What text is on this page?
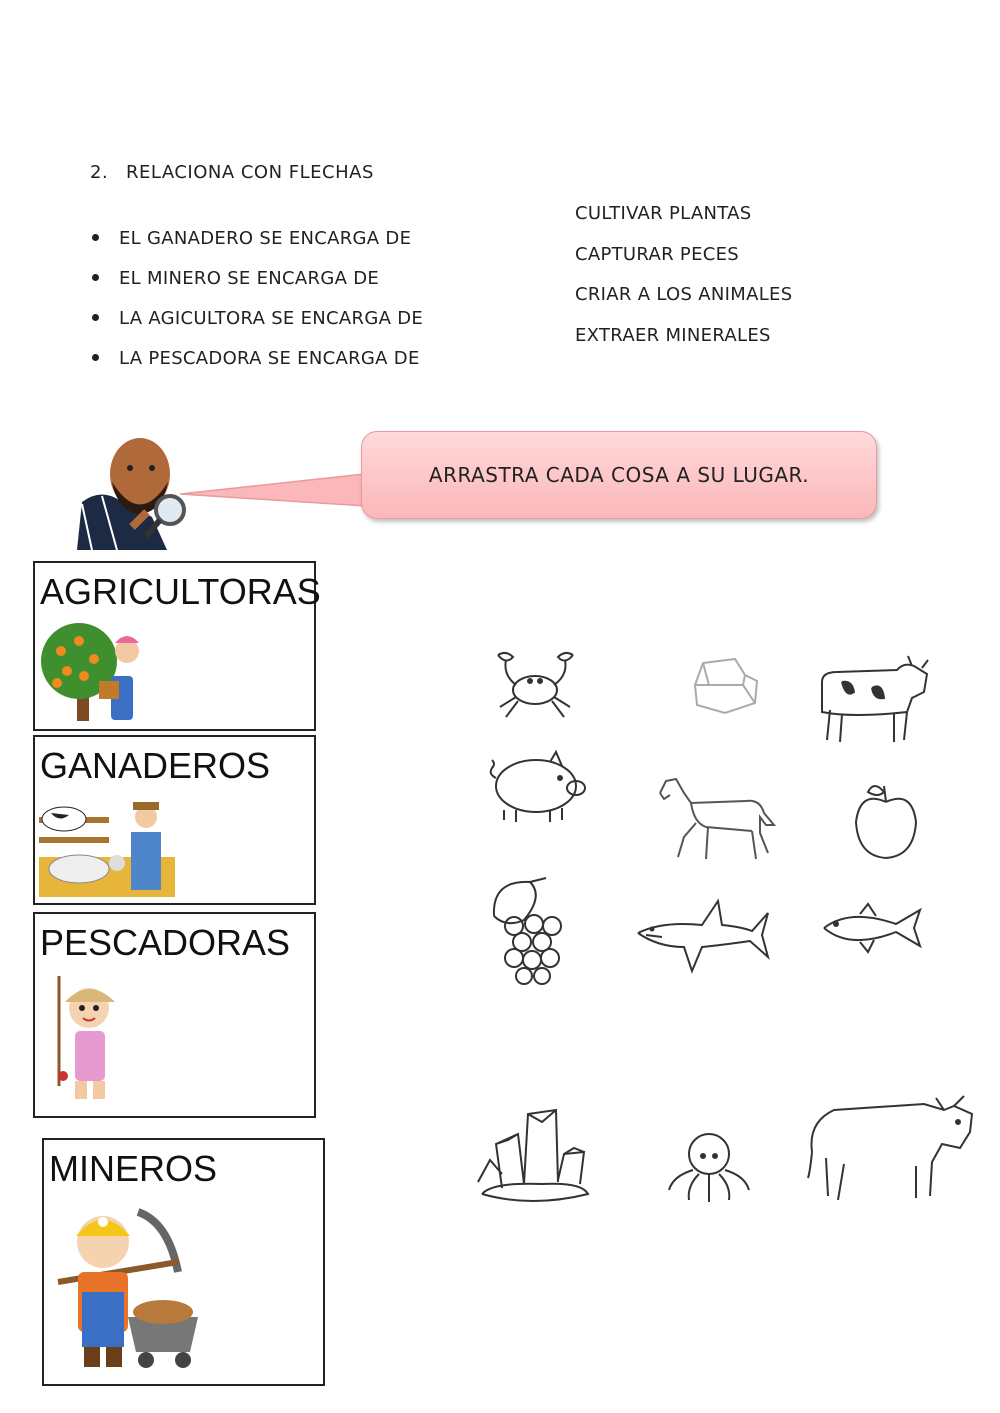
2. RELACIONA CON FLECHAS
EL GANADERO SE ENCARGA DE
EL MINERO SE ENCARGA DE
LA AGICULTORA SE ENCARGA DE
LA PESCADORA SE ENCARGA DE
CULTIVAR PLANTAS
CAPTURAR PECES
CRIAR A LOS ANIMALES
EXTRAER MINERALES
ARRASTRA CADA COSA A SU LUGAR.
AGRICULTORAS
GANADEROS
PESCADORAS
MINEROS
